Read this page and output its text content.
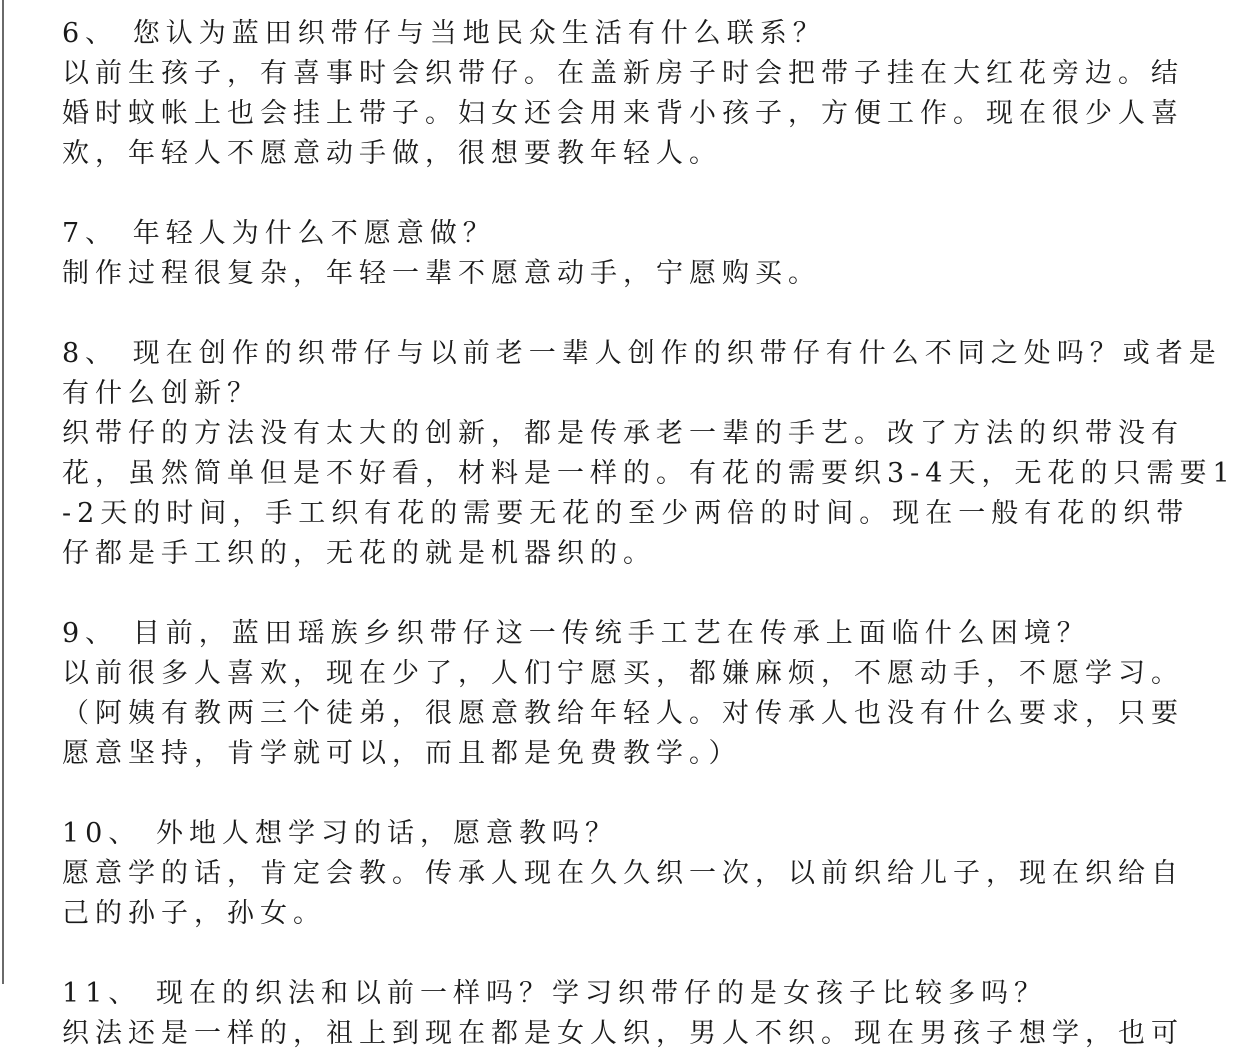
6、 您认为蓝田织带仔与当地民众生活有什么联系？
以前生孩子，有喜事时会织带仔。在盖新房子时会把带子挂在大红花旁边。结
婚时蚊帐上也会挂上带子。妇女还会用来背小孩子，方便工作。现在很少人喜
欢，年轻人不愿意动手做，很想要教年轻人。
7、 年轻人为什么不愿意做？
制作过程很复杂，年轻一辈不愿意动手，宁愿购买。
8、 现在创作的织带仔与以前老一辈人创作的织带仔有什么不同之处吗？或者是
有什么创新？
织带仔的方法没有太大的创新，都是传承老一辈的手艺。改了方法的织带没有
花，虽然简单但是不好看，材料是一样的。有花的需要织3-4天，无花的只需要1
-2天的时间，手工织有花的需要无花的至少两倍的时间。现在一般有花的织带
仔都是手工织的，无花的就是机器织的。
9、 目前，蓝田瑶族乡织带仔这一传统手工艺在传承上面临什么困境？
以前很多人喜欢，现在少了，人们宁愿买，都嫌麻烦，不愿动手，不愿学习。
（阿姨有教两三个徒弟，很愿意教给年轻人。对传承人也没有什么要求，只要
愿意坚持，肯学就可以，而且都是免费教学。）
10、 外地人想学习的话，愿意教吗？
愿意学的话，肯定会教。传承人现在久久织一次，以前织给儿子，现在织给自
己的孙子，孙女。
11、 现在的织法和以前一样吗？学习织带仔的是女孩子比较多吗？
织法还是一样的，祖上到现在都是女人织，男人不织。现在男孩子想学，也可
